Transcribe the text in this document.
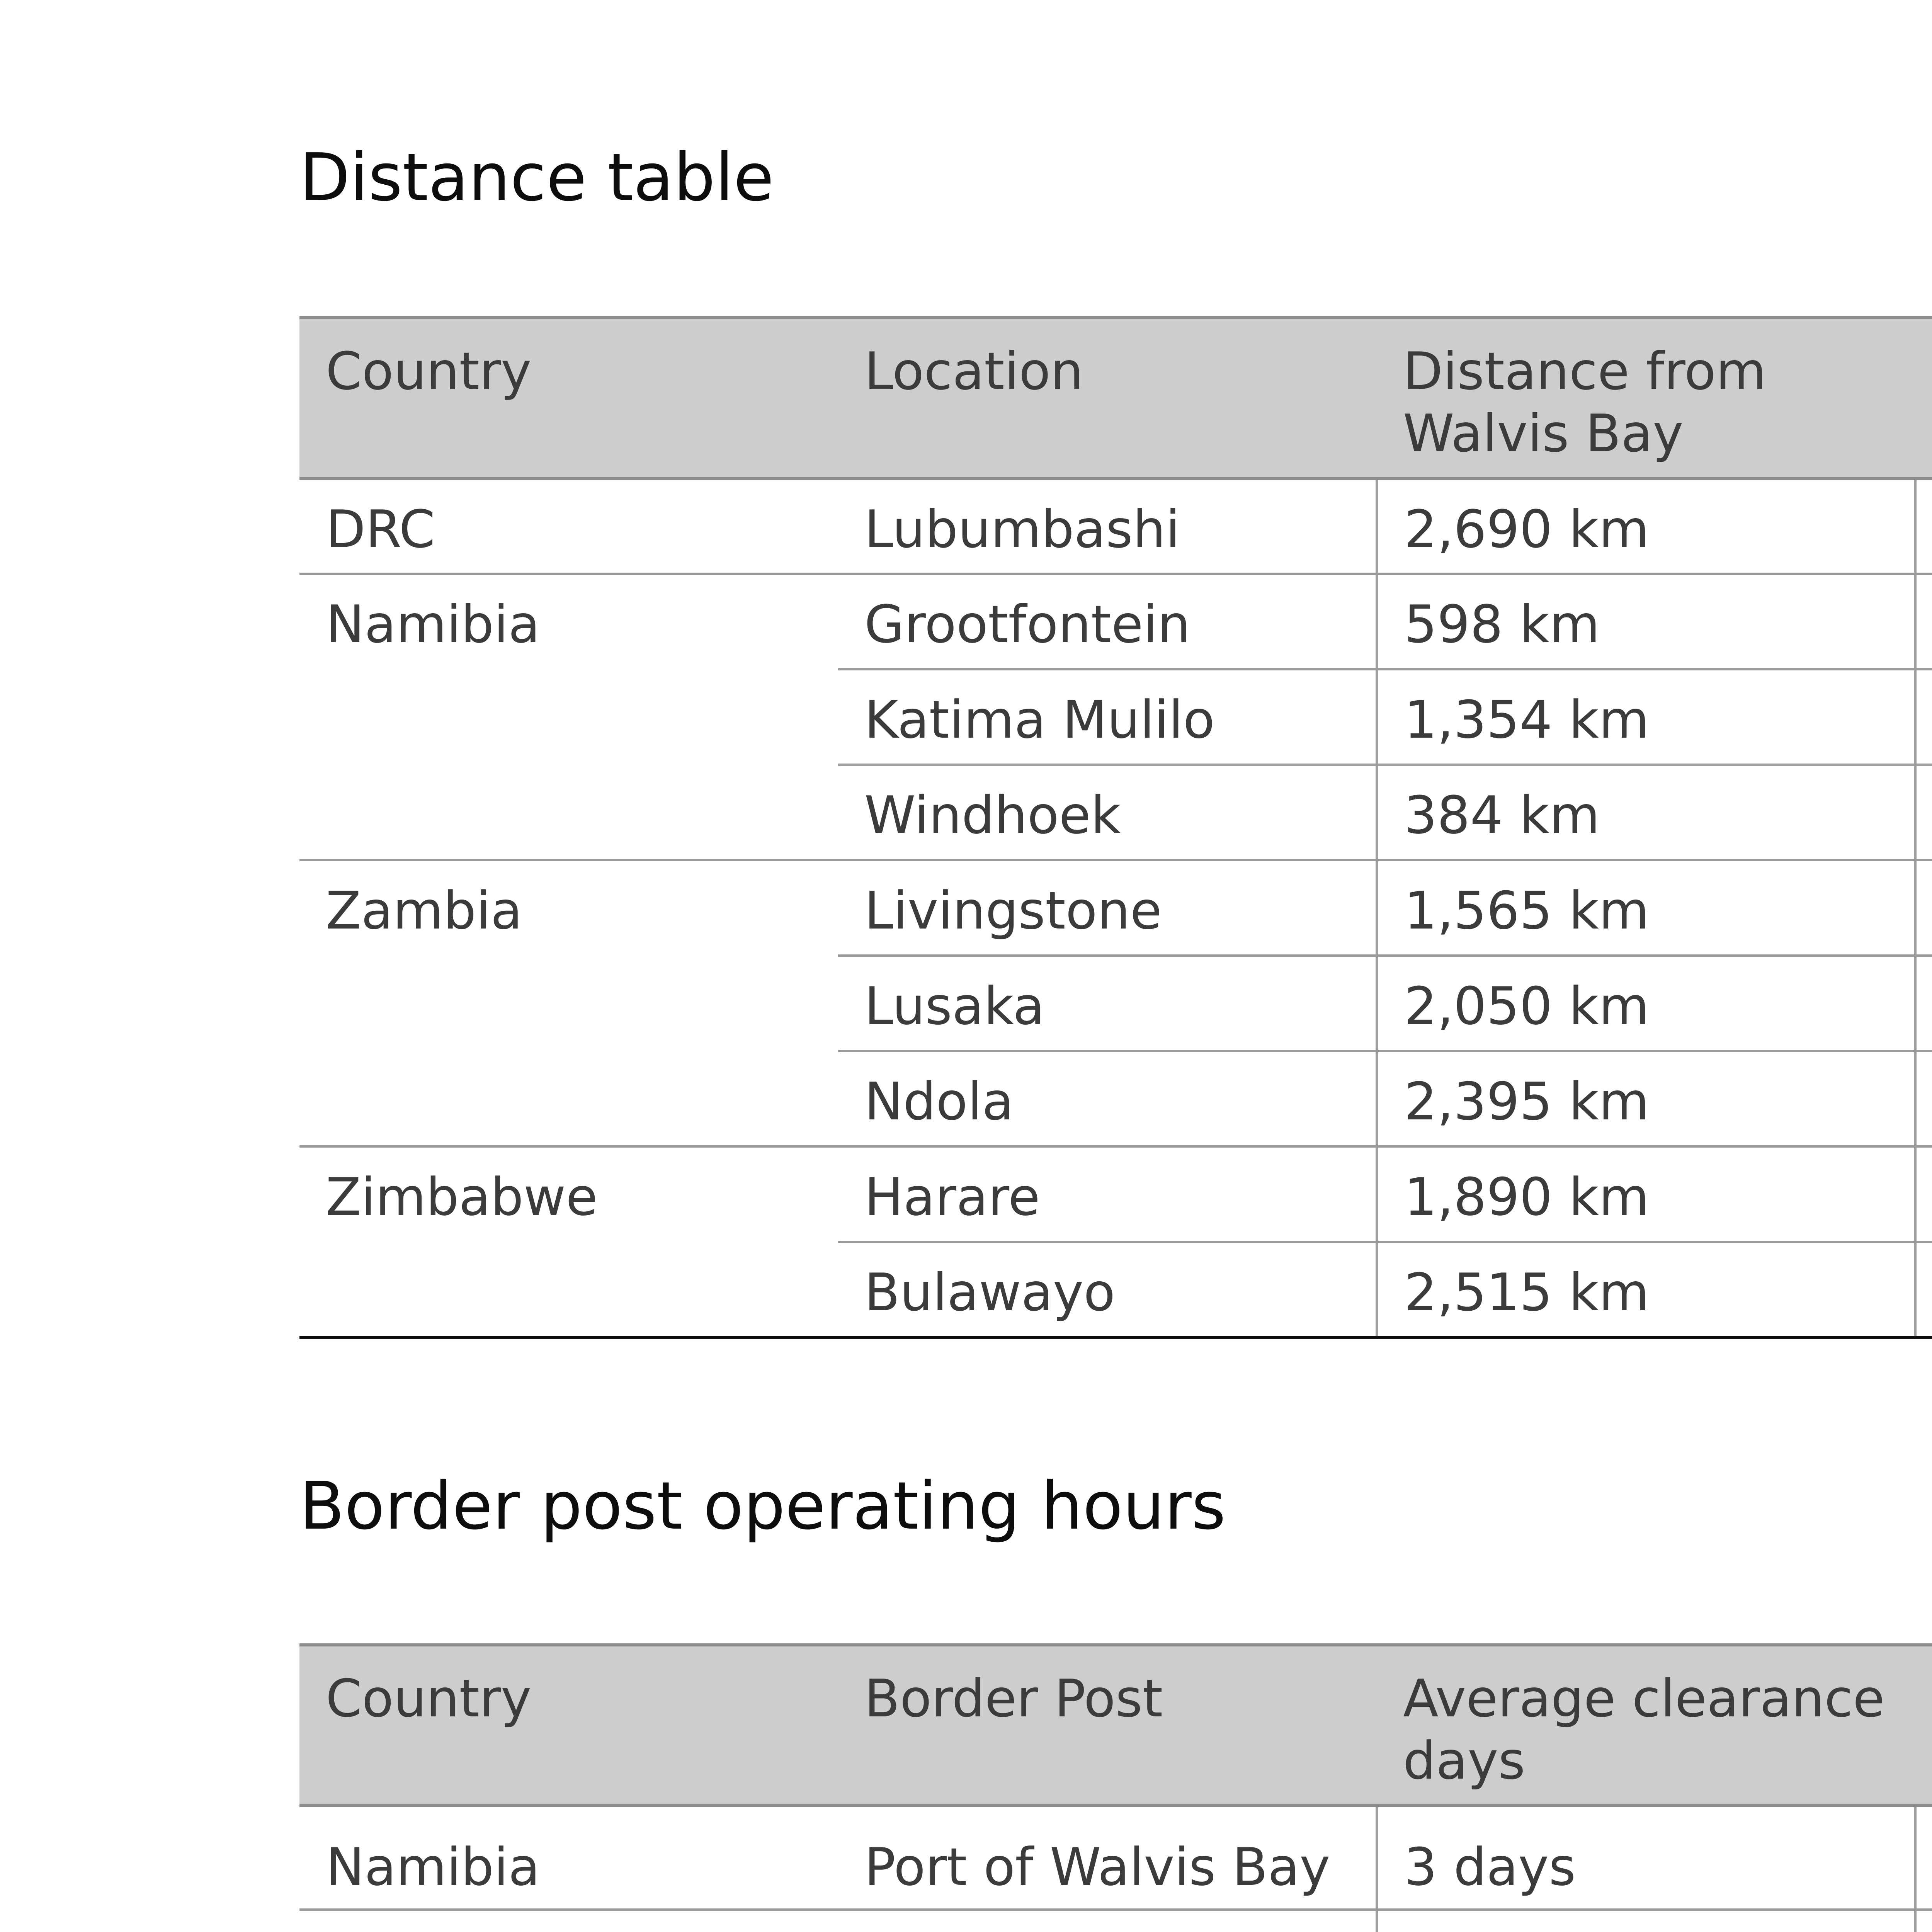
Distance table
Country	Location	Distance from Walvis Bay	
DRC	Lubumbashi	2,690 km	
Namibia	Grootfontein	598 km	
	Katima Mulilo	1,354 km	
	Windhoek	384 km	
Zambia	Livingstone	1,565 km	
	Lusaka	2,050 km	
	Ndola	2,395 km	
Zimbabwe	Harare	1,890 km	
	Bulawayo	2,515 km	
Border post operating hours
Country	Border Post	Average clearance days	
Namibia	Port of Walvis Bay	3 days
